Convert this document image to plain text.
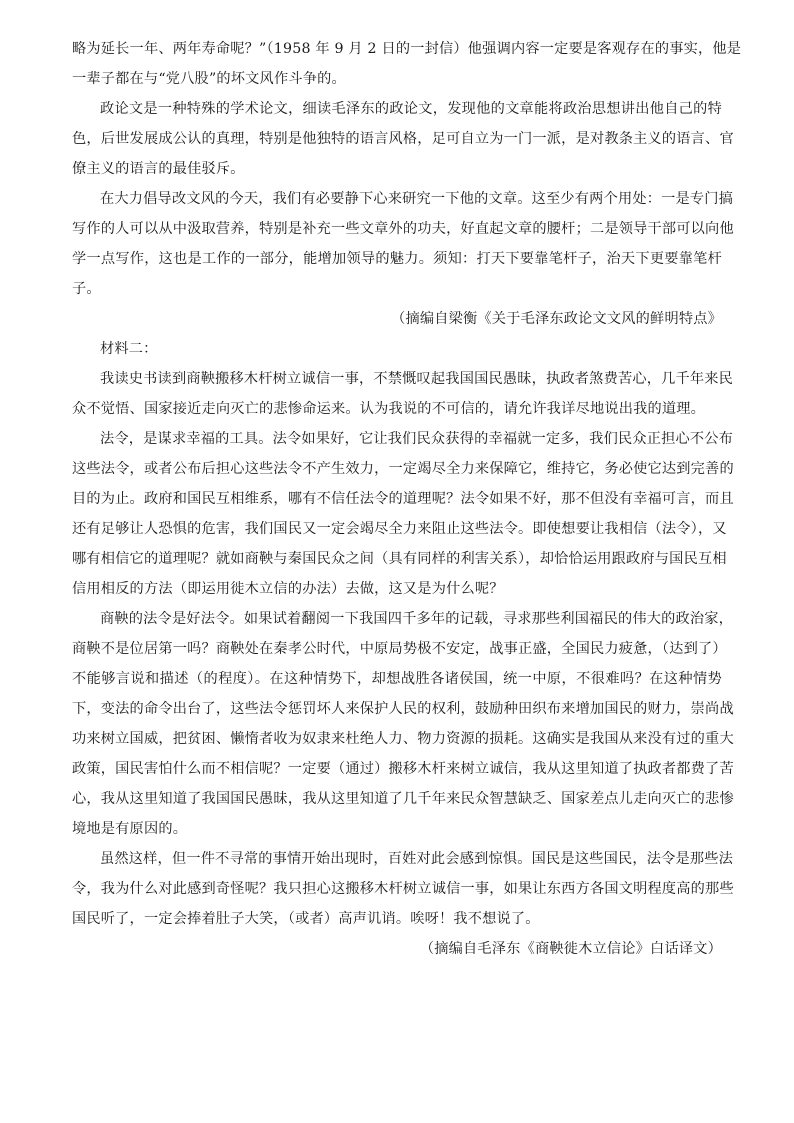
略为延长一年、两年寿命呢？”（1958 年 9 月 2 日的一封信）他强调内容一定要是客观存在的事实，他是
一辈子都在与“党八股”的坏文风作斗争的。
政论文是一种特殊的学术论文，细读毛泽东的政论文，发现他的文章能将政治思想讲出他自己的特
色，后世发展成公认的真理，特别是他独特的语言风格，足可自立为一门一派，是对教条主义的语言、官
僚主义的语言的最佳驳斥。
在大力倡导改文风的今天，我们有必要静下心来研究一下他的文章。这至少有两个用处：一是专门搞
写作的人可以从中汲取营养，特别是补充一些文章外的功夫，好直起文章的腰杆；二是领导干部可以向他
学一点写作，这也是工作的一部分，能增加领导的魅力。须知：打天下要靠笔杆子，治天下更要靠笔杆
子。
（摘编自梁衡《关于毛泽东政论文文风的鲜明特点》
材料二：
我读史书读到商鞅搬移木杆树立诚信一事，不禁慨叹起我国国民愚昧，执政者煞费苦心，几千年来民
众不觉悟、国家接近走向灭亡的悲惨命运来。认为我说的不可信的，请允许我详尽地说出我的道理。
法令，是谋求幸福的工具。法令如果好，它让我们民众获得的幸福就一定多，我们民众正担心不公布
这些法令，或者公布后担心这些法令不产生效力，一定竭尽全力来保障它，维持它，务必使它达到完善的
目的为止。政府和国民互相维系，哪有不信任法令的道理呢？法令如果不好，那不但没有幸福可言，而且
还有足够让人恐惧的危害，我们国民又一定会竭尽全力来阻止这些法令。即使想要让我相信（法令），又
哪有相信它的道理呢？就如商鞅与秦国民众之间（具有同样的利害关系），却恰恰运用跟政府与国民互相
信用相反的方法（即运用徙木立信的办法）去做，这又是为什么呢？
商鞅的法令是好法令。如果试着翻阅一下我国四千多年的记载，寻求那些利国福民的伟大的政治家，
商鞅不是位居第一吗？商鞅处在秦孝公时代，中原局势极不安定，战事正盛，全国民力疲惫，（达到了）
不能够言说和描述（的程度）。在这种情势下，却想战胜各诸侯国，统一中原，不很难吗？在这种情势
下，变法的命令出台了，这些法令惩罚坏人来保护人民的权利，鼓励种田织布来增加国民的财力，崇尚战
功来树立国威，把贫困、懒惰者收为奴隶来杜绝人力、物力资源的损耗。这确实是我国从来没有过的重大
政策，国民害怕什么而不相信呢？一定要（通过）搬移木杆来树立诚信，我从这里知道了执政者都费了苦
心，我从这里知道了我国国民愚昧，我从这里知道了几千年来民众智慧缺乏、国家差点儿走向灭亡的悲惨
境地是有原因的。
虽然这样，但一件不寻常的事情开始出现时，百姓对此会感到惊惧。国民是这些国民，法令是那些法
令，我为什么对此感到奇怪呢？我只担心这搬移木杆树立诚信一事，如果让东西方各国文明程度高的那些
国民听了，一定会捧着肚子大笑，（或者）高声讥诮。唉呀！我不想说了。
（摘编自毛泽东《商鞅徙木立信论》白话译文）
